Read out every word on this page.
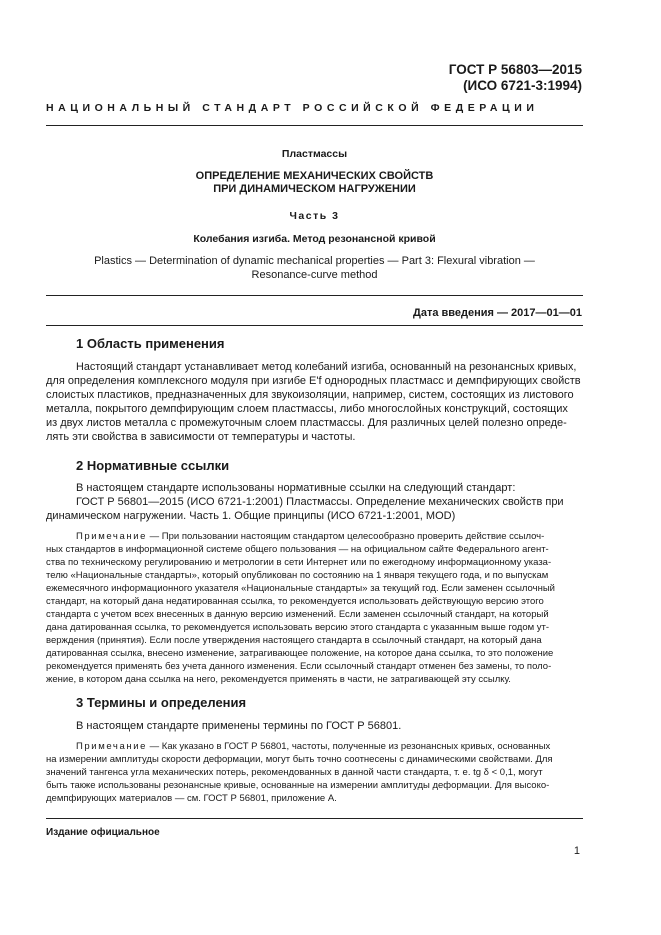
ГОСТ Р 56803—2015
(ИСО 6721-3:1994)
НАЦИОНАЛЬНЫЙ СТАНДАРТ РОССИЙСКОЙ ФЕДЕРАЦИИ
Пластмассы
ОПРЕДЕЛЕНИЕ МЕХАНИЧЕСКИХ СВОЙСТВ
ПРИ ДИНАМИЧЕСКОМ НАГРУЖЕНИИ
Часть 3
Колебания изгиба. Метод резонансной кривой
Plastics — Determination of dynamic mechanical properties — Part 3: Flexural vibration —
Resonance-curve method
Дата введения — 2017—01—01
1 Область применения
Настоящий стандарт устанавливает метод колебаний изгиба, основанный на резонансных кривых,
для определения комплексного модуля при изгибе E'f однородных пластмасс и демпфирующих свойств
слоистых пластиков, предназначенных для звукоизоляции, например, систем, состоящих из листового
металла, покрытого демпфирующим слоем пластмассы, либо многослойных конструкций, состоящих
из двух листов металла с промежуточным слоем пластмассы. Для различных целей полезно опреде-
лять эти свойства в зависимости от температуры и частоты.
2 Нормативные ссылки
В настоящем стандарте использованы нормативные ссылки на следующий стандарт:
ГОСТ Р 56801—2015 (ИСО 6721-1:2001) Пластмассы. Определение механических свойств при
динамическом нагружении. Часть 1. Общие принципы (ИСО 6721-1:2001, MOD)
Примечание — При пользовании настоящим стандартом целесообразно проверить действие ссылоч-
ных стандартов в информационной системе общего пользования — на официальном сайте Федерального агент-
ства по техническому регулированию и метрологии в сети Интернет или по ежегодному информационному указа-
телю «Национальные стандарты», который опубликован по состоянию на 1 января текущего года, и по выпускам
ежемесячного информационного указателя «Национальные стандарты» за текущий год. Если заменен ссылочный
стандарт, на который дана недатированная ссылка, то рекомендуется использовать действующую версию этого
стандарта с учетом всех внесенных в данную версию изменений. Если заменен ссылочный стандарт, на который
дана датированная ссылка, то рекомендуется использовать версию этого стандарта с указанным выше годом ут-
верждения (принятия). Если после утверждения настоящего стандарта в ссылочный стандарт, на который дана
датированная ссылка, внесено изменение, затрагивающее положение, на которое дана ссылка, то это положение
рекомендуется применять без учета данного изменения. Если ссылочный стандарт отменен без замены, то поло-
жение, в котором дана ссылка на него, рекомендуется применять в части, не затрагивающей эту ссылку.
3 Термины и определения
В настоящем стандарте применены термины по ГОСТ Р 56801.
Примечание — Как указано в ГОСТ Р 56801, частоты, полученные из резонансных кривых, основанных
на измерении амплитуды скорости деформации, могут быть точно соотнесены с динамическими свойствами. Для
значений тангенса угла механических потерь, рекомендованных в данной части стандарта, т. е. tg δ < 0,1, могут
быть также использованы резонансные кривые, основанные на измерении амплитуды деформации. Для высоко-
демпфирующих материалов — см. ГОСТ Р 56801, приложение А.
Издание официальное
1
